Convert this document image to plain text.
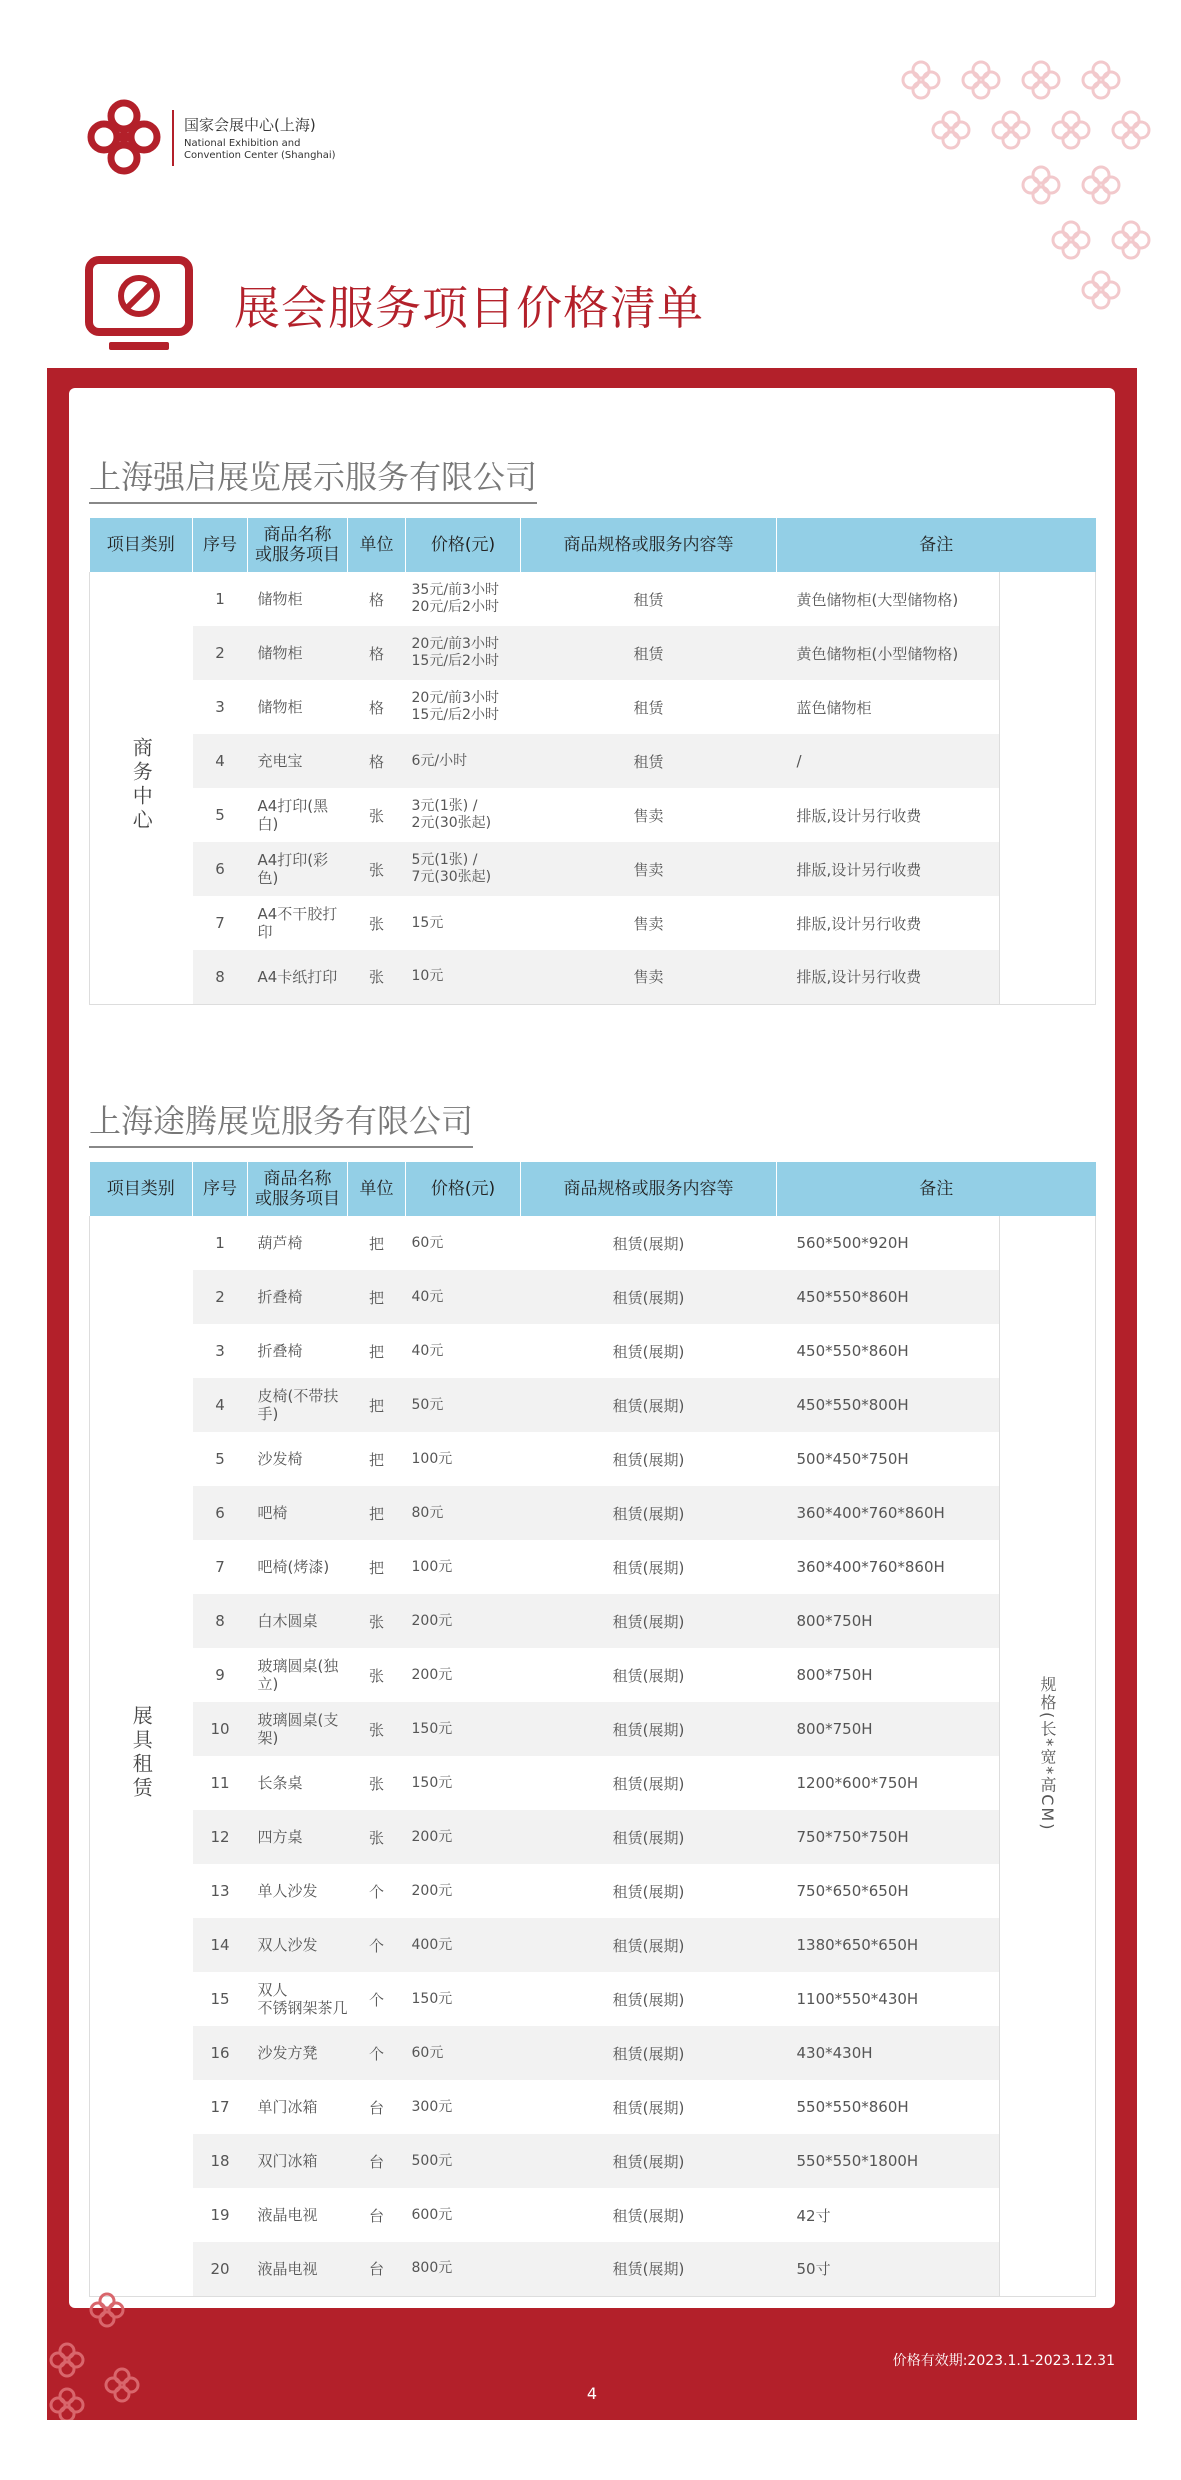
国家会展中心(上海)
National Exhibition and
Convention Center (Shanghai)
展会服务项目价格清单
上海强启展览展示服务有限公司
项目类别	序号	商品名称
或服务项目	单位	价格(元)	商品规格或服务内容等	备注	
商务中心	1	储物柜	格	35元/前3小时
20元/后2小时	租赁	黄色储物柜(大型储物格)	
	2	储物柜	格	20元/前3小时
15元/后2小时	租赁	黄色储物柜(小型储物格)	
	3	储物柜	格	20元/前3小时
15元/后2小时	租赁	蓝色储物柜	
	4	充电宝	格	6元/小时	租赁	/	
	5	A4打印(黑白)	张	3元(1张) /
2元(30张起)	售卖	排版,设计另行收费	
	6	A4打印(彩色)	张	5元(1张) /
7元(30张起)	售卖	排版,设计另行收费	
	7	A4不干胶打印	张	15元	售卖	排版,设计另行收费	
	8	A4卡纸打印	张	10元	售卖	排版,设计另行收费	
上海途腾展览服务有限公司
项目类别	序号	商品名称
或服务项目	单位	价格(元)	商品规格或服务内容等	备注	
展具租赁	1	葫芦椅	把	60元	租赁(展期)	560*500*920H	规格(长*宽*高CM)
	2	折叠椅	把	40元	租赁(展期)	450*550*860H	
	3	折叠椅	把	40元	租赁(展期)	450*550*860H	
	4	皮椅(不带扶手)	把	50元	租赁(展期)	450*550*800H	
	5	沙发椅	把	100元	租赁(展期)	500*450*750H	
	6	吧椅	把	80元	租赁(展期)	360*400*760*860H	
	7	吧椅(烤漆)	把	100元	租赁(展期)	360*400*760*860H	
	8	白木圆桌	张	200元	租赁(展期)	800*750H	
	9	玻璃圆桌(独立)	张	200元	租赁(展期)	800*750H	
	10	玻璃圆桌(支架)	张	150元	租赁(展期)	800*750H	
	11	长条桌	张	150元	租赁(展期)	1200*600*750H	
	12	四方桌	张	200元	租赁(展期)	750*750*750H	
	13	单人沙发	个	200元	租赁(展期)	750*650*650H	
	14	双人沙发	个	400元	租赁(展期)	1380*650*650H	
	15	双人
不锈钢架茶几	个	150元	租赁(展期)	1100*550*430H	
	16	沙发方凳	个	60元	租赁(展期)	430*430H	
	17	单门冰箱	台	300元	租赁(展期)	550*550*860H	
	18	双门冰箱	台	500元	租赁(展期)	550*550*1800H	
	19	液晶电视	台	600元	租赁(展期)	42寸	
	20	液晶电视	台	800元	租赁(展期)	50寸	
价格有效期:2023.1.1-2023.12.31
4
